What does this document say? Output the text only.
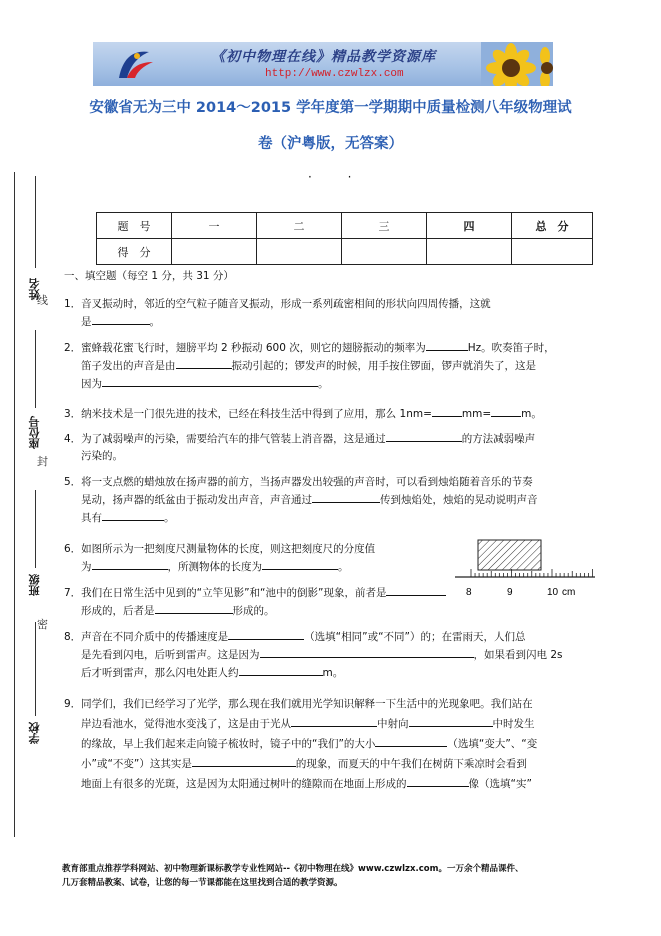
《初中物理在线》精品教学资源库
http://www.czwlzx.com
安徽省无为三中 2014～2015 学年度第一学期期中质量检测八年级物理试
卷（沪粤版，无答案）
· ·
题　号	一	二	三	四	总　分
得　分					
姓名
座位号
班级
学校
线
封
密
一、填空题（每空 1 分，共 31 分）
1．音叉振动时，邻近的空气粒子随音叉振动，形成一系列疏密相间的形状向四周传播，这就
是	。
2．蜜蜂载花蜜飞行时，翅膀平均 2 秒振动 600 次，则它的翅膀振动的频率为	Hz。吹奏笛子时，
笛子发出的声音是由	振动引起的；锣发声的时候，用手按住锣面，锣声就消失了，这是
因为	。
3．纳米技术是一门很先进的技术，已经在科技生活中得到了应用，那么 1nm=	mm=	m。
4．为了减弱噪声的污染，需要给汽车的排气管装上消音器，这是通过	的方法减弱噪声
污染的。
5．将一支点燃的蜡烛放在扬声器的前方，当扬声器发出较强的声音时，可以看到烛焰随着音乐的节奏
晃动，扬声器的纸盆由于振动发出声音，声音通过	传到烛焰处，烛焰的晃动说明声音
具有	。
6．如图所示为一把刻度尺测量物体的长度，则这把刻度尺的分度值
为	，所测物体的长度为	。
8	9	10 cm
7．我们在日常生活中见到的“立竿见影”和“池中的倒影”现象，前者是
形成的，后者是	形成的。
8．声音在不同介质中的传播速度是	（选填“相同”或“不同”）的；在雷雨天，人们总
是先看到闪电，后听到雷声。这是因为	，如果看到闪电 2s
后才听到雷声，那么闪电处距人约	m。
9．同学们，我们已经学习了光学，那么现在我们就用光学知识解释一下生活中的光现象吧。我们站在
岸边看池水，觉得池水变浅了，这是由于光从	中射向	中时发生
的缘故，早上我们起来走向镜子梳妆时，镜子中的“我们”的大小	（选填“变大”、“变
小”或“不变”）这其实是	的现象，而夏天的中午我们在树荫下乘凉时会看到
地面上有很多的光斑，这是因为太阳通过树叶的缝隙而在地面上形成的	像（选填“实”
教育部重点推荐学科网站、初中物理新课标教学专业性网站--《初中物理在线》www.czwlzx.com。一万余个精品课件、
几万套精品教案、试卷，让您的每一节课都能在这里找到合适的教学资源。
